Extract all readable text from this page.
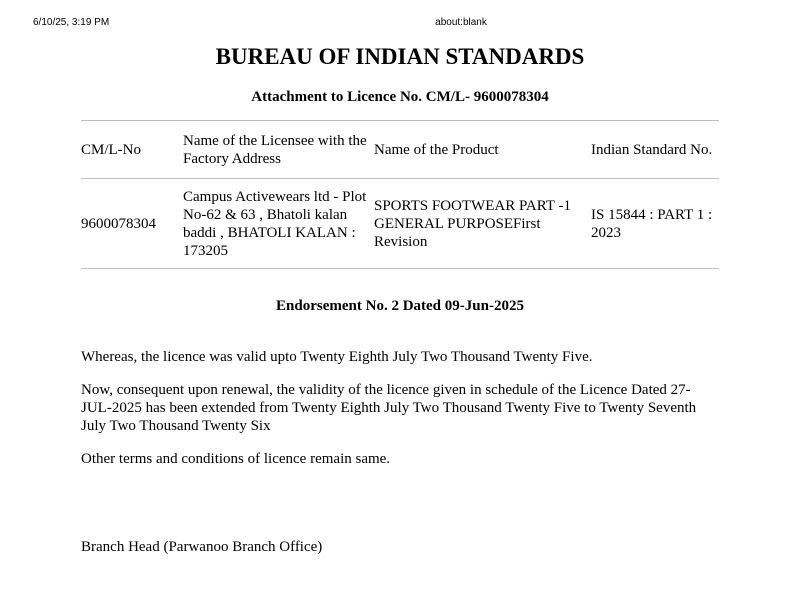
6/10/25, 3:19 PM	about:blank
BUREAU OF INDIAN STANDARDS
Attachment to Licence No. CM/L- 9600078304
CM/L-No	Name of the Licensee with the Factory Address	Name of the Product	Indian Standard No.
9600078304	Campus Activewears ltd - Plot No-62 & 63 , Bhatoli kalan baddi , BHATOLI KALAN : 173205	SPORTS FOOTWEAR PART -1 GENERAL PURPOSEFirst Revision	IS 15844 : PART 1 : 2023
Endorsement No. 2 Dated 09-Jun-2025

Whereas, the licence was valid upto Twenty Eighth July Two Thousand Twenty Five.

Now, consequent upon renewal, the validity of the licence given in schedule of the Licence Dated 27-JUL-2025 has been extended from Twenty Eighth July Two Thousand Twenty Five to Twenty Seventh July Two Thousand Twenty Six

Other terms and conditions of licence remain same.

Branch Head (Parwanoo Branch Office)
